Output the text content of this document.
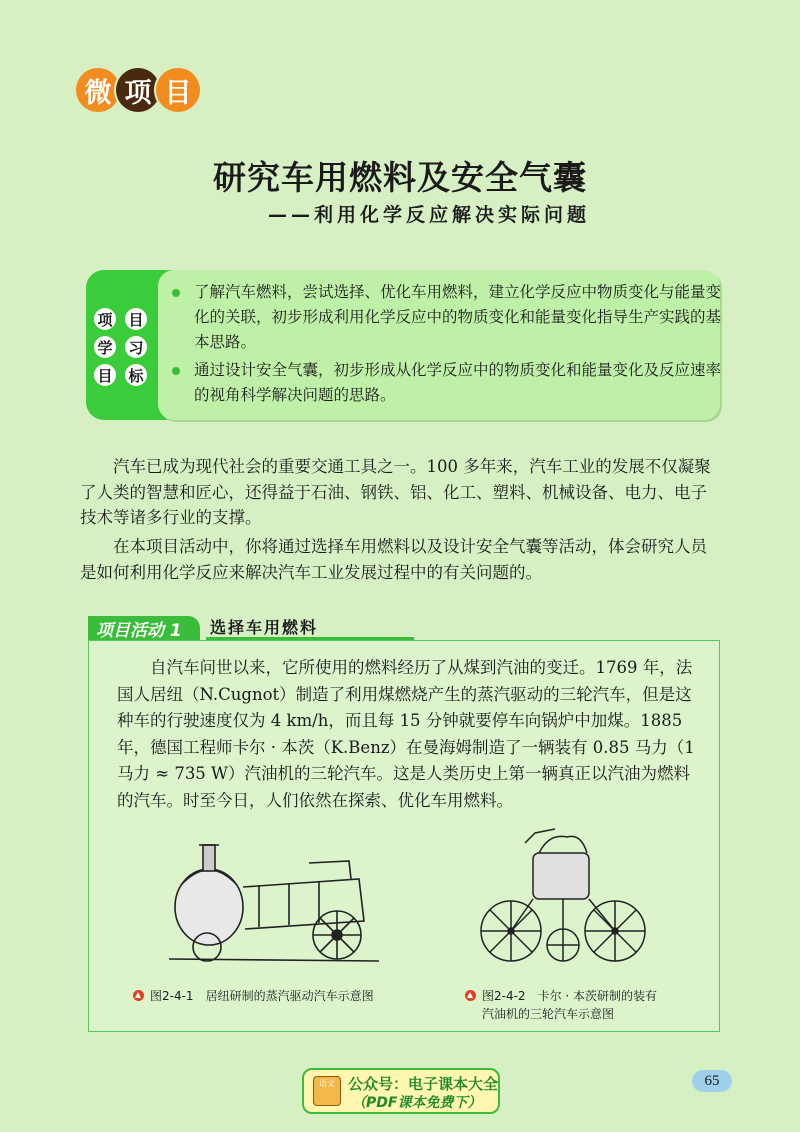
微 项 目
研究车用燃料及安全气囊
——利用化学反应解决实际问题
项 目
学 习
目 标
了解汽车燃料，尝试选择、优化车用燃料，建立化学反应中物质变化与能量变化的关联，初步形成利用化学反应中的物质变化和能量变化指导生产实践的基本思路。
通过设计安全气囊，初步形成从化学反应中的物质变化和能量变化及反应速率的视角科学解决问题的思路。
汽车已成为现代社会的重要交通工具之一。100 多年来，汽车工业的发展不仅凝聚了人类的智慧和匠心，还得益于石油、钢铁、铝、化工、塑料、机械设备、电力、电子技术等诸多行业的支撑。
在本项目活动中，你将通过选择车用燃料以及设计安全气囊等活动，体会研究人员是如何利用化学反应来解决汽车工业发展过程中的有关问题的。
项目活动 1	选择车用燃料
自汽车问世以来，它所使用的燃料经历了从煤到汽油的变迁。1769 年，法国人居纽（N.Cugnot）制造了利用煤燃烧产生的蒸汽驱动的三轮汽车，但是这种车的行驶速度仅为 4 km/h，而且每 15 分钟就要停车向锅炉中加煤。1885 年，德国工程师卡尔 · 本茨（K.Benz）在曼海姆制造了一辆装有 0.85 马力（1 马力 ≈ 735 W）汽油机的三轮汽车。这是人类历史上第一辆真正以汽油为燃料的汽车。时至今日，人们依然在探索、优化车用燃料。
图2-4-1　居纽研制的蒸汽驱动汽车示意图	图2-4-2　卡尔 · 本茨研制的装有
汽油机的三轮汽车示意图
语文 公众号：电子课本大全
（PDF课本免费下）
65
